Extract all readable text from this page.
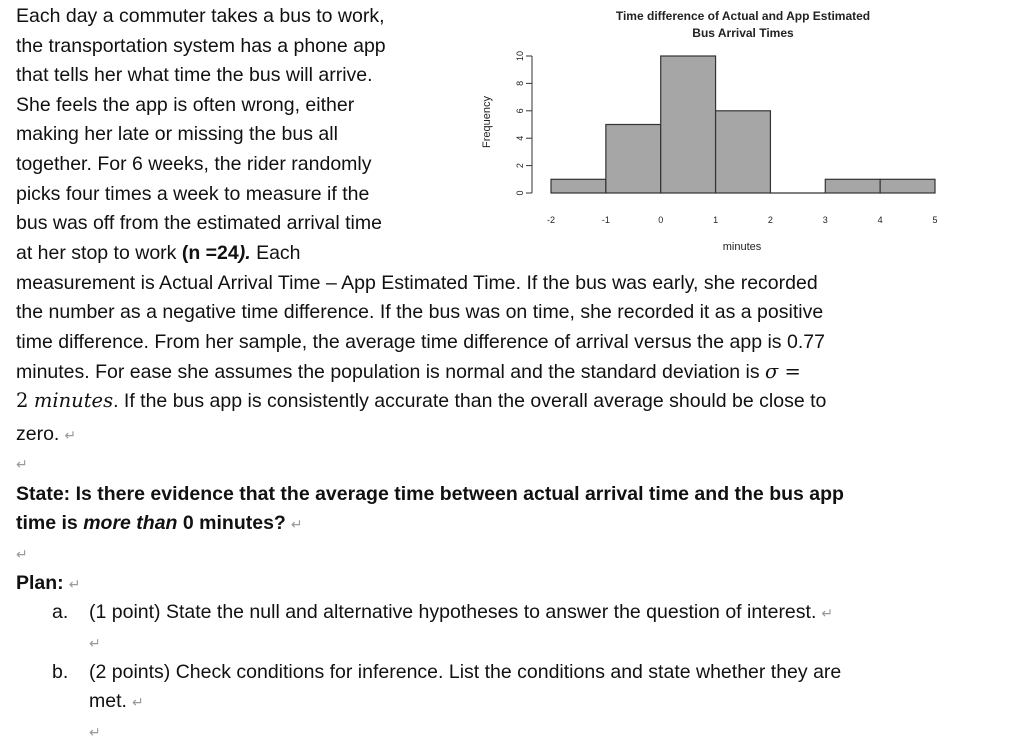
Each day a commuter takes a bus to work,
the transportation system has a phone app
that tells her what time the bus will arrive.
She feels the app is often wrong, either
making her late or missing the bus all
together. For 6 weeks, the rider randomly
picks four times a week to measure if the
bus was off from the estimated arrival time
at her stop to work (n =24). Each
measurement is Actual Arrival Time – App Estimated Time. If the bus was early, she recorded
the number as a negative time difference. If the bus was on time, she recorded it as a positive
time difference. From her sample, the average time difference of arrival versus the app is 0.77
minutes. For ease she assumes the population is normal and the standard deviation is σ =
2 minutes. If the bus app is consistently accurate than the overall average should be close to
zero. ↵
↵
State: Is there evidence that the average time between actual arrival time and the bus app
time is more than 0 minutes? ↵
↵
Plan: ↵
a. (1 point) State the null and alternative hypotheses to answer the question of interest. ↵
↵
b. (2 points) Check conditions for inference. List the conditions and state whether they are
met. ↵
↵
Time difference of Actual and App Estimated
Bus Arrival Times
Frequency
minutes
0
2
4
6
8
10
-2	-1	0	1	2	3	4	5
